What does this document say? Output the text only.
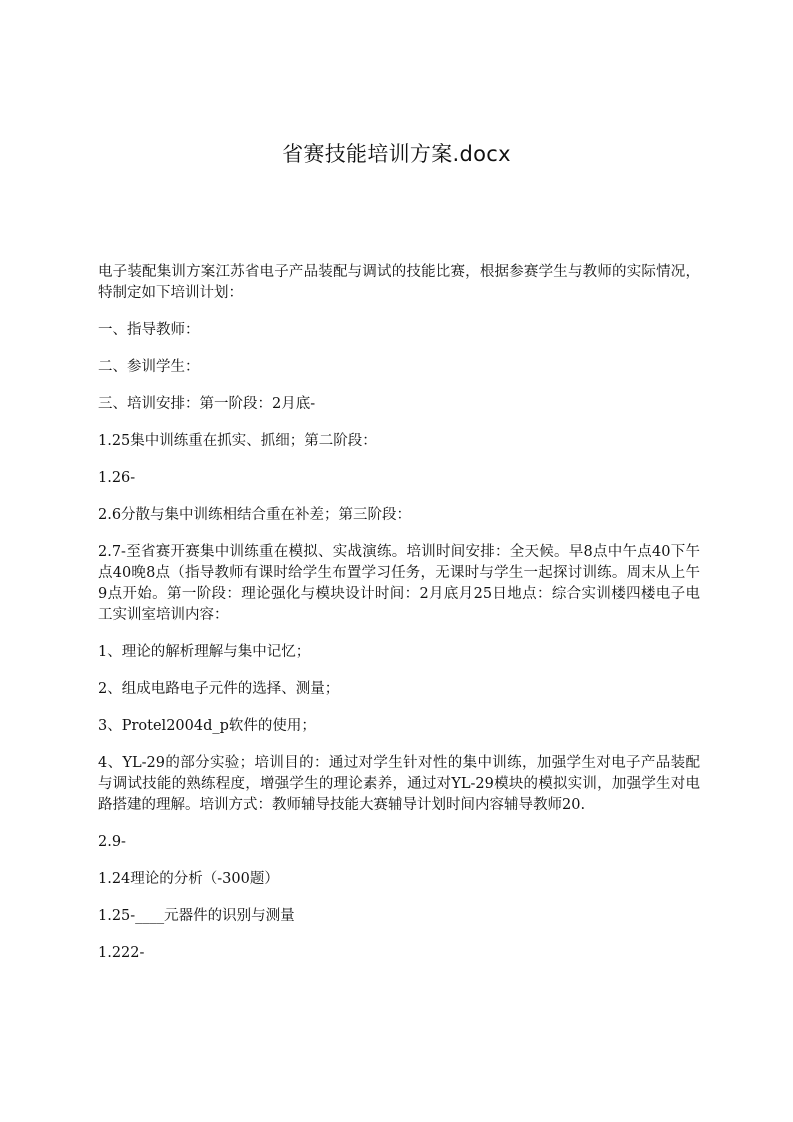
省赛技能培训方案.docx

电子装配集训方案江苏省电子产品装配与调试的技能比赛，根据参赛学生与教师的实际情况，特制定如下培训计划：

一、指导教师：

二、参训学生：

三、培训安排：第一阶段：2月底-

1.25集中训练重在抓实、抓细；第二阶段：

1.26-

2.6分散与集中训练相结合重在补差；第三阶段：

2.7-至省赛开赛集中训练重在模拟、实战演练。培训时间安排：全天候。早8点中午点40下午点40晚8点（指导教师有课时给学生布置学习任务，无课时与学生一起探讨训练。周末从上午9点开始。第一阶段：理论强化与模块设计时间：2月底月25日地点：综合实训楼四楼电子电工实训室培训内容：

1、理论的解析理解与集中记忆；

2、组成电路电子元件的选择、测量；

3、Protel2004d_p软件的使用；

4、YL-29的部分实验；培训目的：通过对学生针对性的集中训练，加强学生对电子产品装配与调试技能的熟练程度，增强学生的理论素养，通过对YL-29模块的模拟实训，加强学生对电路搭建的理解。培训方式：教师辅导技能大赛辅导计划时间内容辅导教师20.

2.9-

1.24理论的分析（-300题）

1.25-____元器件的识别与测量

1.222-
